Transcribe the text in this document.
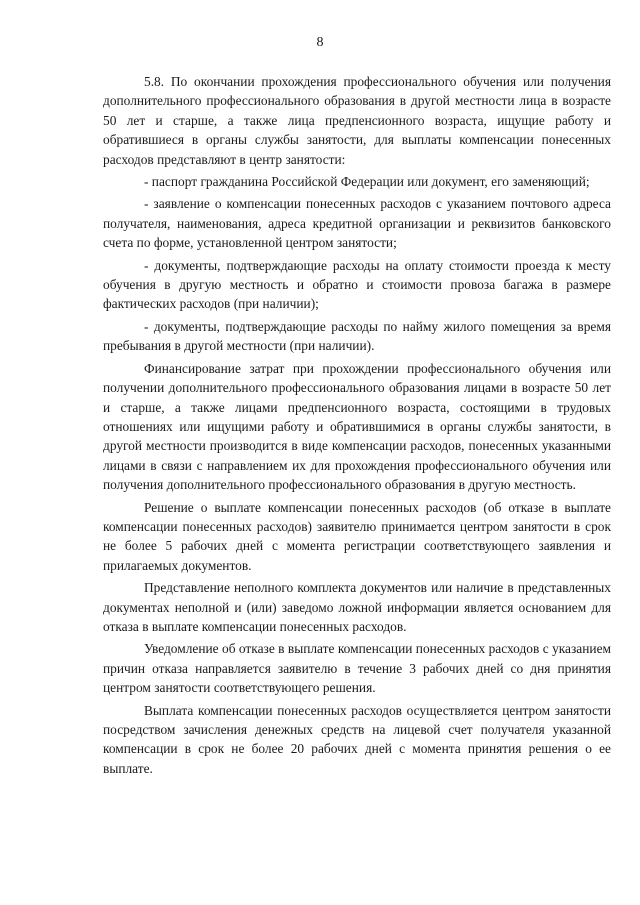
8

5.8. По окончании прохождения профессионального обучения или получения дополнительного профессионального образования в другой местности лица в возрасте 50 лет и старше, а также лица предпенсионного возраста, ищущие работу и обратившиеся в органы службы занятости, для выплаты компенсации понесенных расходов представляют в центр занятости:

- паспорт гражданина Российской Федерации или документ, его заменяющий;

- заявление о компенсации понесенных расходов с указанием почтового адреса получателя, наименования, адреса кредитной организации и реквизитов банковского счета по форме, установленной центром занятости;

- документы, подтверждающие расходы на оплату стоимости проезда к месту обучения в другую местность и обратно и стоимости провоза багажа в размере фактических расходов (при наличии);

- документы, подтверждающие расходы по найму жилого помещения за время пребывания в другой местности (при наличии).

Финансирование затрат при прохождении профессионального обучения или получении дополнительного профессионального образования лицами в возрасте 50 лет и старше, а также лицами предпенсионного возраста, состоящими в трудовых отношениях или ищущими работу и обратившимися в органы службы занятости, в другой местности производится в виде компенсации расходов, понесенных указанными лицами в связи с направлением их для прохождения профессионального обучения или получения дополнительного профессионального образования в другую местность.

Решение о выплате компенсации понесенных расходов (об отказе в выплате компенсации понесенных расходов) заявителю принимается центром занятости в срок не более 5 рабочих дней с момента регистрации соответствующего заявления и прилагаемых документов.

Представление неполного комплекта документов или наличие в представленных документах неполной и (или) заведомо ложной информации является основанием для отказа в выплате компенсации понесенных расходов.

Уведомление об отказе в выплате компенсации понесенных расходов с указанием причин отказа направляется заявителю в течение 3 рабочих дней со дня принятия центром занятости соответствующего решения.

Выплата компенсации понесенных расходов осуществляется центром занятости посредством зачисления денежных средств на лицевой счет получателя указанной компенсации в срок не более 20 рабочих дней с момента принятия решения о ее выплате.
